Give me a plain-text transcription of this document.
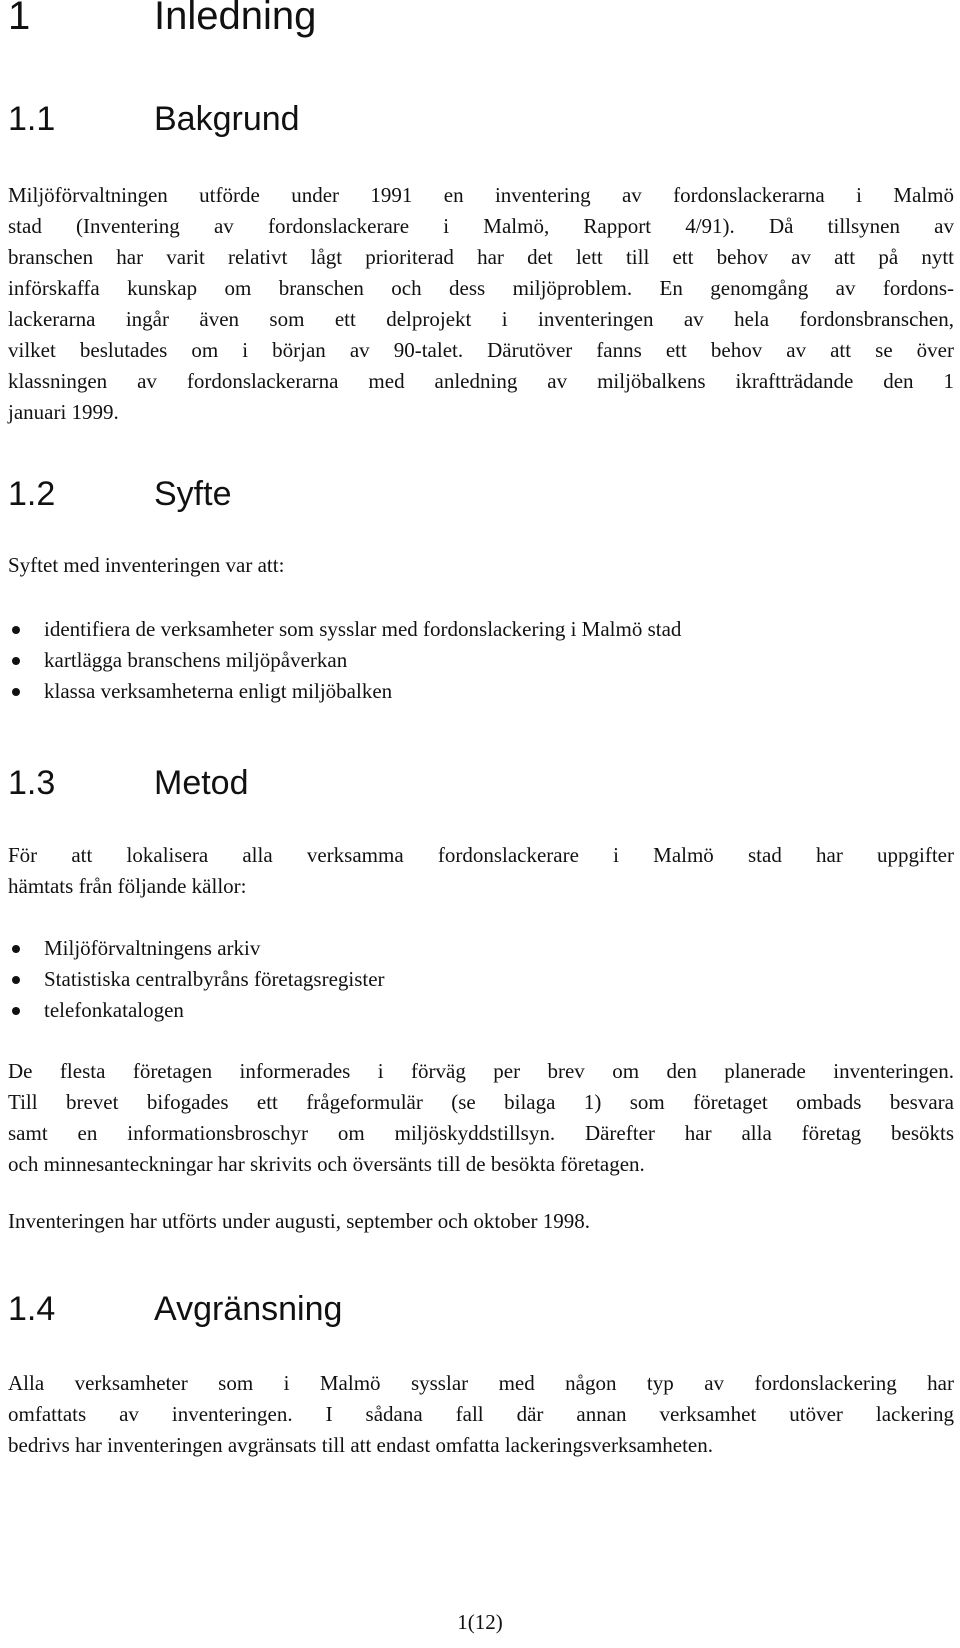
1	Inledning
1.1	Bakgrund
Miljöförvaltningen utförde under 1991 en inventering av fordonslackerarna i Malmö
stad (Inventering av fordonslackerare i Malmö, Rapport 4/91). Då tillsynen av
branschen har varit relativt lågt prioriterad har det lett till ett behov av att på nytt
införskaffa kunskap om branschen och dess miljöproblem. En genomgång av fordons-
lackerarna ingår även som ett delprojekt i inventeringen av hela fordonsbranschen,
vilket beslutades om i början av 90-talet. Därutöver fanns ett behov av att se över
klassningen av fordonslackerarna med anledning av miljöbalkens ikraftträdande den 1
januari 1999.
1.2	Syfte
Syftet med inventeringen var att:
identifiera de verksamheter som sysslar med fordonslackering i Malmö stad
kartlägga branschens miljöpåverkan
klassa verksamheterna enligt miljöbalken
1.3	Metod
För att lokalisera alla verksamma fordonslackerare i Malmö stad har uppgifter
hämtats från följande källor:
Miljöförvaltningens arkiv
Statistiska centralbyråns företagsregister
telefonkatalogen
De flesta företagen informerades i förväg per brev om den planerade inventeringen.
Till brevet bifogades ett frågeformulär (se bilaga 1) som företaget ombads besvara
samt en informationsbroschyr om miljöskyddstillsyn. Därefter har alla företag besökts
och minnesanteckningar har skrivits och översänts till de besökta företagen.
Inventeringen har utförts under augusti, september och oktober 1998.
1.4	Avgränsning
Alla verksamheter som i Malmö sysslar med någon typ av fordonslackering har
omfattats av inventeringen. I sådana fall där annan verksamhet utöver lackering
bedrivs har inventeringen avgränsats till att endast omfatta lackeringsverksamheten.
1(12)
